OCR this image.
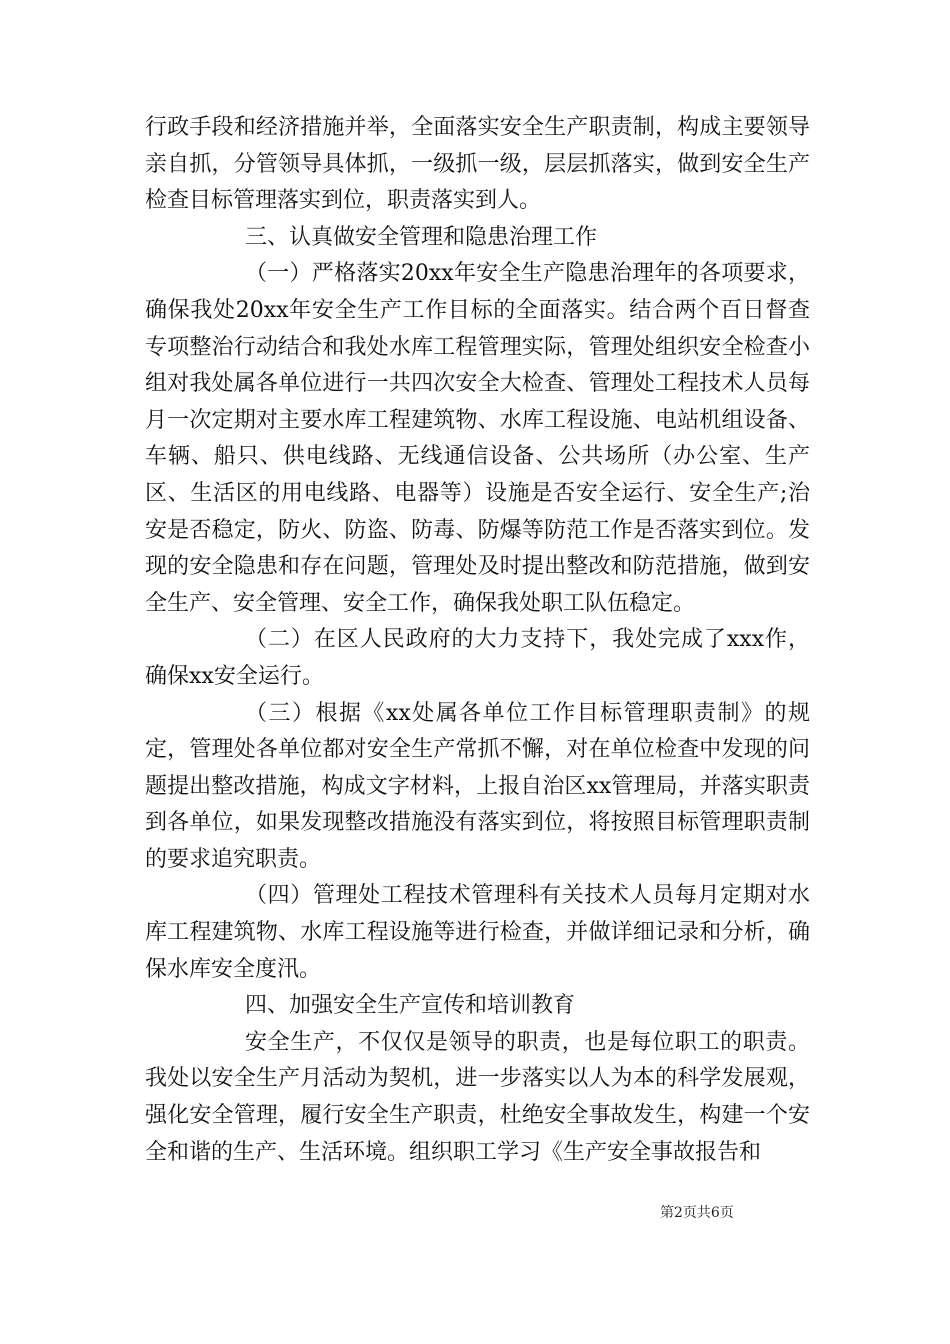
行政手段和经济措施并举，全面落实安全生产职责制，构成主要领导亲自抓，分管领导具体抓，一级抓一级，层层抓落实，做到安全生产检查目标管理落实到位，职责落实到人。

三、认真做安全管理和隐患治理工作

（一）严格落实20xx年安全生产隐患治理年的各项要求，确保我处20xx年安全生产工作目标的全面落实。结合两个百日督查专项整治行动结合和我处水库工程管理实际，管理处组织安全检查小组对我处属各单位进行一共四次安全大检查、管理处工程技术人员每月一次定期对主要水库工程建筑物、水库工程设施、电站机组设备、车辆、船只、供电线路、无线通信设备、公共场所（办公室、生产区、生活区的用电线路、电器等）设施是否安全运行、安全生产;治安是否稳定，防火、防盗、防毒、防爆等防范工作是否落实到位。发现的安全隐患和存在问题，管理处及时提出整改和防范措施，做到安全生产、安全管理、安全工作，确保我处职工队伍稳定。

（二）在区人民政府的大力支持下，我处完成了xxx作，确保xx安全运行。

（三）根据《xx处属各单位工作目标管理职责制》的规定，管理处各单位都对安全生产常抓不懈，对在单位检查中发现的问题提出整改措施，构成文字材料，上报自治区xx管理局，并落实职责到各单位，如果发现整改措施没有落实到位，将按照目标管理职责制的要求追究职责。

（四）管理处工程技术管理科有关技术人员每月定期对水库工程建筑物、水库工程设施等进行检查，并做详细记录和分析，确保水库安全度汛。

四、加强安全生产宣传和培训教育

安全生产，不仅仅是领导的职责，也是每位职工的职责。我处以安全生产月活动为契机，进一步落实以人为本的科学发展观，强化安全管理，履行安全生产职责，杜绝安全事故发生，构建一个安全和谐的生产、生活环境。组织职工学习《生产安全事故报告和

第2页共6页
